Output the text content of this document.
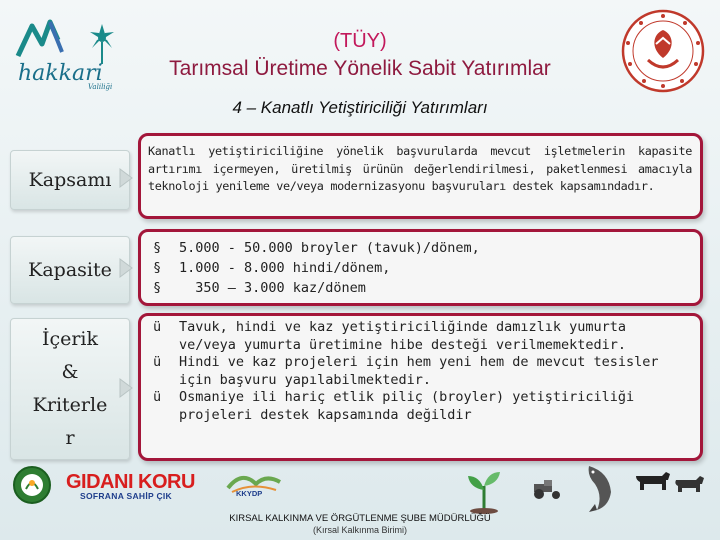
hakkari
Valiliği
(TÜY)
Tarımsal Üretime Yönelik Sabit Yatırımlar
4 – Kanatlı Yetiştiriciliği Yatırımları
Kapsamı
Kanatlı yetiştiriciliğine yönelik başvurularda mevcut işletmelerin kapasite artırımı içermeyen, üretilmiş ürünün değerlendirilmesi, paketlenmesi amacıyla teknoloji yenileme ve/veya modernizasyonu başvuruları destek kapsamındadır.
Kapasite
§ 5.000 - 50.000 broyler (tavuk)/dönem,
§ 1.000 - 8.000 hindi/dönem,
§ 350 – 3.000 kaz/dönem
İçerik
&
Kriterle
r
ü Tavuk, hindi ve kaz yetiştiriciliğinde damızlık yumurta ve/veya yumurta üretimine hibe desteği verilmemektedir.
ü Hindi ve kaz projeleri için hem yeni hem de mevcut tesisler için başvuru yapılabilmektedir.
ü Osmaniye ili hariç etlik piliç (broyler) yetiştiriciliği projeleri destek kapsamında değildir
GIDANI KORU
SOFRANA SAHİP ÇIK	KKYDP
KIRSAL KALKINMA VE ÖRGÜTLENME ŞUBE MÜDÜRLÜĞÜ
(Kırsal Kalkınma Birimi)
